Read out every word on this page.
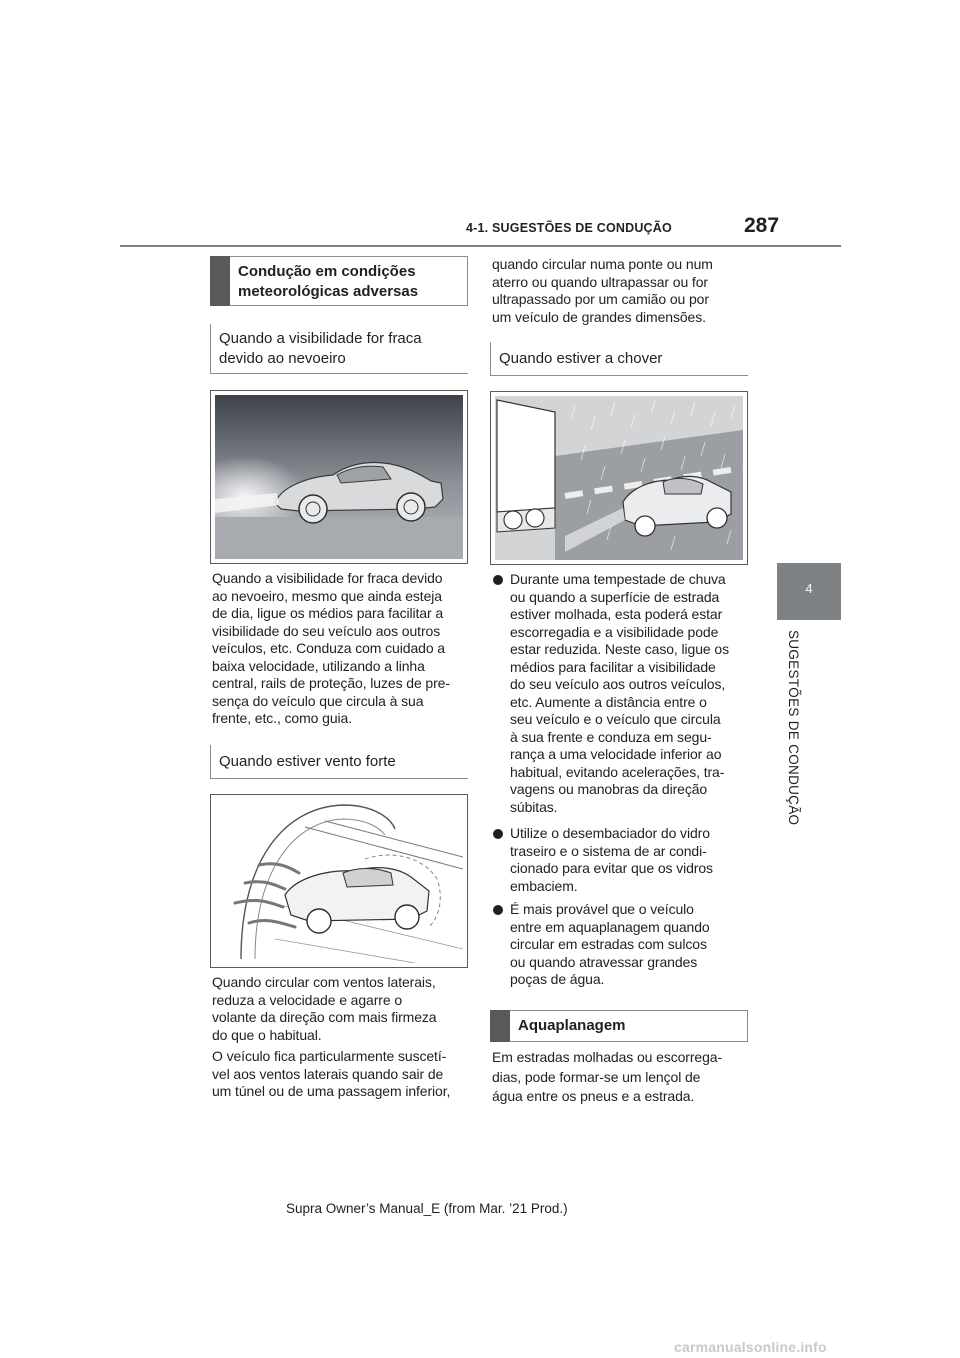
4-1. SUGESTÕES DE CONDUÇÃO	287
4
SUGESTÕES DE CONDUÇÃO
Condução em condições
meteorológicas adversas
Quando a visibilidade for fraca
devido ao nevoeiro
Quando a visibilidade for fraca devido
ao nevoeiro, mesmo que ainda esteja
de dia, ligue os médios para facilitar a
visibilidade do seu veículo aos outros
veículos, etc. Conduza com cuidado a
baixa velocidade, utilizando a linha
central, rails de proteção, luzes de pre-
sença do veículo que circula à sua
frente, etc., como guia.
Quando estiver vento forte
Quando circular com ventos laterais,
reduza a velocidade e agarre o
volante da direção com mais firmeza
do que o habitual.
O veículo fica particularmente suscetí-
vel aos ventos laterais quando sair de
um túnel ou de uma passagem inferior,
quando circular numa ponte ou num
aterro ou quando ultrapassar ou for
ultrapassado por um camião ou por
um veículo de grandes dimensões.
Quando estiver a chover
Durante uma tempestade de chuva
ou quando a superfície de estrada
estiver molhada, esta poderá estar
escorregadia e a visibilidade pode
estar reduzida. Neste caso, ligue os
médios para facilitar a visibilidade
do seu veículo aos outros veículos,
etc. Aumente a distância entre o
seu veículo e o veículo que circula
à sua frente e conduza em segu-
rança a uma velocidade inferior ao
habitual, evitando acelerações, tra-
vagens ou manobras da direção
súbitas.
Utilize o desembaciador do vidro
traseiro e o sistema de ar condi-
cionado para evitar que os vidros
embaciem.
É mais provável que o veículo
entre em aquaplanagem quando
circular em estradas com sulcos
ou quando atravessar grandes
poças de água.
Aquaplanagem
Em estradas molhadas ou escorrega-
dias, pode formar-se um lençol de
água entre os pneus e a estrada.
Supra Owner’s Manual_E (from Mar. ’21 Prod.)
carmanualsonline.info
